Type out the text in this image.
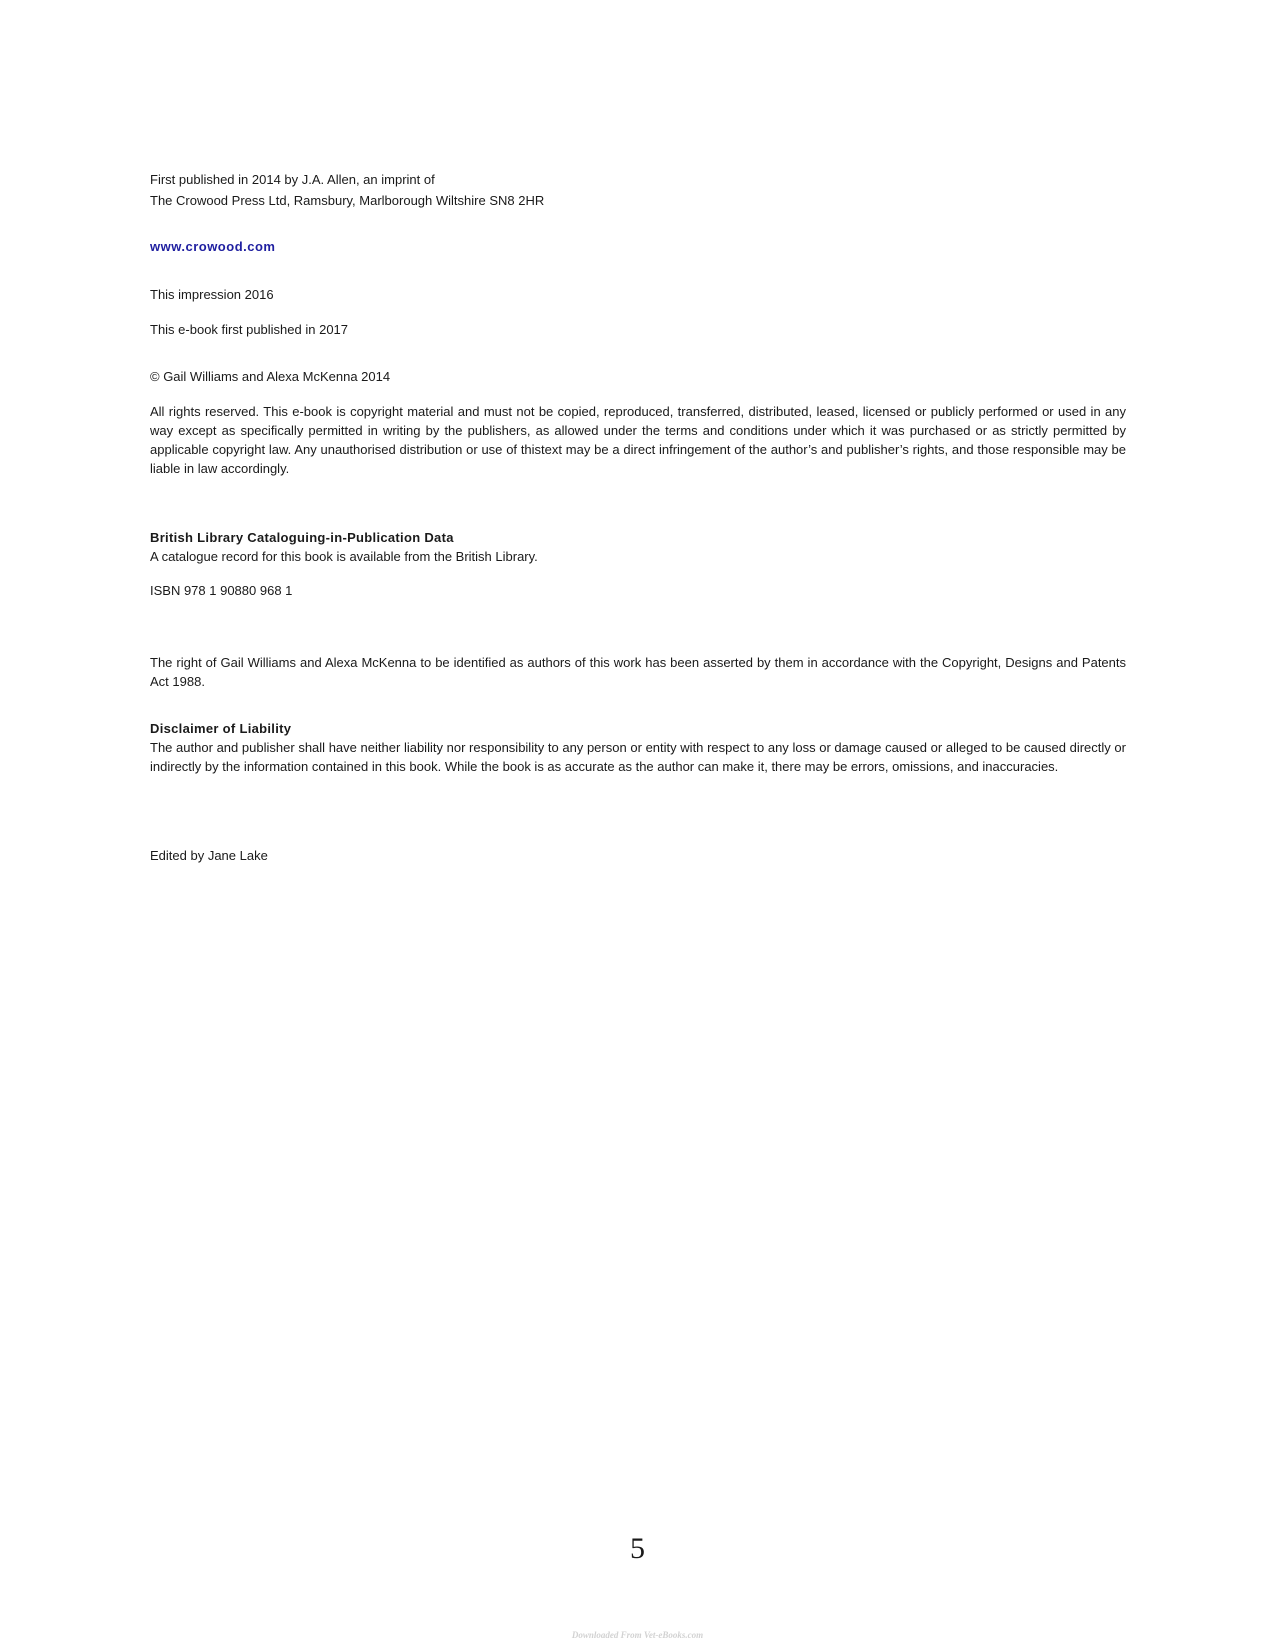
First published in 2014 by J.A. Allen, an imprint of
The Crowood Press Ltd, Ramsbury, Marlborough Wiltshire SN8 2HR

www.crowood.com

This impression 2016

This e-book first published in 2017

© Gail Williams and Alexa McKenna 2014

All rights reserved. This e-book is copyright material and must not be copied, reproduced, transferred, distributed, leased, licensed or publicly performed or used in any way except as specifically permitted in writing by the publishers, as allowed under the terms and conditions under which it was purchased or as strictly permitted by applicable copyright law. Any unauthorised distribution or use of thistext may be a direct infringement of the author’s and publisher’s rights, and those responsible may be liable in law accordingly.

British Library Cataloguing-in-Publication Data
A catalogue record for this book is available from the British Library.

ISBN 978 1 90880 968 1

The right of Gail Williams and Alexa McKenna to be identified as authors of this work has been asserted by them in accordance with the Copyright, Designs and Patents Act 1988.

Disclaimer of Liability
The author and publisher shall have neither liability nor responsibility to any person or entity with respect to any loss or damage caused or alleged to be caused directly or indirectly by the information contained in this book. While the book is as accurate as the author can make it, there may be errors, omissions, and inaccuracies.

Edited by Jane Lake

5
Downloaded From Vet-eBooks.com
